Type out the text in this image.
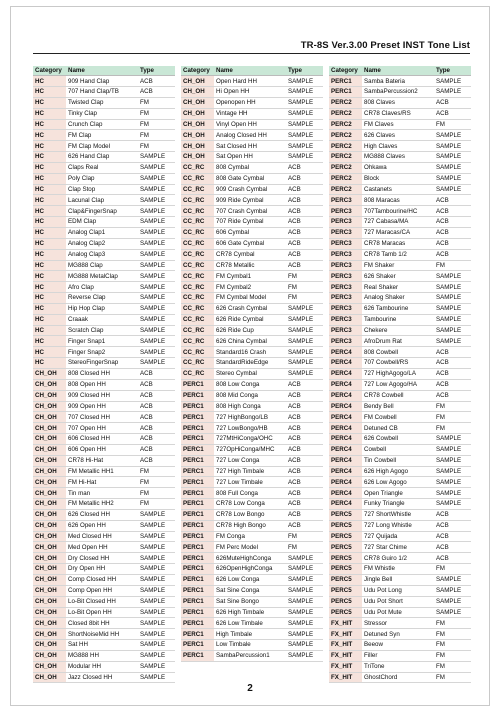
TR-8S Ver.3.00 Preset INST Tone List
Category	Name	Type
HC	909 Hand Clap	ACB
HC	707 Hand Clap/TB	ACB
HC	Twisted Clap	FM
HC	Tinky Clap	FM
HC	Crunch Clap	FM
HC	FM Clap	FM
HC	FM Clap Model	FM
HC	626 Hand Clap	SAMPLE
HC	Claps Real	SAMPLE
HC	Poly Clap	SAMPLE
HC	Clap Stop	SAMPLE
HC	Lacunal Clap	SAMPLE
HC	Clap&FingerSnap	SAMPLE
HC	EDM Clap	SAMPLE
HC	Analog Clap1	SAMPLE
HC	Analog Clap2	SAMPLE
HC	Analog Clap3	SAMPLE
HC	MG888 Clap	SAMPLE
HC	MG888 MetalClap	SAMPLE
HC	Afro Clap	SAMPLE
HC	Reverse Clap	SAMPLE
HC	Hip Hop Clap	SAMPLE
HC	Craaak	SAMPLE
HC	Scratch Clap	SAMPLE
HC	Finger Snap1	SAMPLE
HC	Finger Snap2	SAMPLE
HC	StereoFingerSnap	SAMPLE
CH_OH	808 Closed HH	ACB
CH_OH	808 Open HH	ACB
CH_OH	909 Closed HH	ACB
CH_OH	909 Open HH	ACB
CH_OH	707 Closed HH	ACB
CH_OH	707 Open HH	ACB
CH_OH	606 Closed HH	ACB
CH_OH	606 Open HH	ACB
CH_OH	CR78 Hi-Hat	ACB
CH_OH	FM Metallic HH1	FM
CH_OH	FM Hi-Hat	FM
CH_OH	Tin man	FM
CH_OH	FM Metallic HH2	FM
CH_OH	626 Closed HH	SAMPLE
CH_OH	626 Open HH	SAMPLE
CH_OH	Med Closed HH	SAMPLE
CH_OH	Med Open HH	SAMPLE
CH_OH	Dry Closed HH	SAMPLE
CH_OH	Dry Open HH	SAMPLE
CH_OH	Comp Closed HH	SAMPLE
CH_OH	Comp Open HH	SAMPLE
CH_OH	Lo-Bit Closed HH	SAMPLE
CH_OH	Lo-Bit Open HH	SAMPLE
CH_OH	Closed 8bit HH	SAMPLE
CH_OH	ShortNoiseMid HH	SAMPLE
CH_OH	Sat HH	SAMPLE
CH_OH	MG888 HH	SAMPLE
CH_OH	Modular HH	SAMPLE
CH_OH	Jazz Closed HH	SAMPLE
Category	Name	Type
CH_OH	Open Hard HH	SAMPLE
CH_OH	Hi Open HH	SAMPLE
CH_OH	Openopen HH	SAMPLE
CH_OH	Vintage HH	SAMPLE
CH_OH	Vinyl Open HH	SAMPLE
CH_OH	Analog Closed HH	SAMPLE
CH_OH	Sat Closed HH	SAMPLE
CH_OH	Sat Open HH	SAMPLE
CC_RC	808 Cymbal	ACB
CC_RC	808 Gate Cymbal	ACB
CC_RC	909 Crash Cymbal	ACB
CC_RC	909 Ride Cymbal	ACB
CC_RC	707 Crash Cymbal	ACB
CC_RC	707 Ride Cymbal	ACB
CC_RC	606 Cymbal	ACB
CC_RC	606 Gate Cymbal	ACB
CC_RC	CR78 Cymbal	ACB
CC_RC	CR78 Metallic	ACB
CC_RC	FM Cymbal1	FM
CC_RC	FM Cymbal2	FM
CC_RC	FM Cymbal Model	FM
CC_RC	626 Crash Cymbal	SAMPLE
CC_RC	626 Ride Cymbal	SAMPLE
CC_RC	626 Ride Cup	SAMPLE
CC_RC	626 China Cymbal	SAMPLE
CC_RC	Standard16 Crash	SAMPLE
CC_RC	StandardRideEdge	SAMPLE
CC_RC	Stereo Cymbal	SAMPLE
PERC1	808 Low Conga	ACB
PERC1	808 Mid Conga	ACB
PERC1	808 High Conga	ACB
PERC1	727 HighBongo/LB	ACB
PERC1	727 LowBongo/HB	ACB
PERC1	727MtHiConga/OHC	ACB
PERC1	727OpHiConga/MHC	ACB
PERC1	727 Low Conga	ACB
PERC1	727 High Timbale	ACB
PERC1	727 Low Timbale	ACB
PERC1	808 Full Conga	ACB
PERC1	CR78 Low Conga	ACB
PERC1	CR78 Low Bongo	ACB
PERC1	CR78 High Bongo	ACB
PERC1	FM Conga	FM
PERC1	FM Perc Model	FM
PERC1	626MuteHighConga	SAMPLE
PERC1	626OpenHighConga	SAMPLE
PERC1	626 Low Conga	SAMPLE
PERC1	Sat Sine Conga	SAMPLE
PERC1	Sat Sine Bongo	SAMPLE
PERC1	626 High Timbale	SAMPLE
PERC1	626 Low Timbale	SAMPLE
PERC1	High Timbale	SAMPLE
PERC1	Low Timbale	SAMPLE
PERC1	SambaPercussion1	SAMPLE
Category	Name	Type
PERC1	Samba Bateria	SAMPLE
PERC1	SambaPercussion2	SAMPLE
PERC2	808 Claves	ACB
PERC2	CR78 Claves/RS	ACB
PERC2	FM Claves	FM
PERC2	626 Claves	SAMPLE
PERC2	High Claves	SAMPLE
PERC2	MG888 Claves	SAMPLE
PERC2	Ohkawa	SAMPLE
PERC2	Block	SAMPLE
PERC2	Castanets	SAMPLE
PERC3	808 Maracas	ACB
PERC3	707Tambourine/HC	ACB
PERC3	727 Cabasa/MA	ACB
PERC3	727 Maracas/CA	ACB
PERC3	CR78 Maracas	ACB
PERC3	CR78 Tamb 1/2	ACB
PERC3	FM Shaker	FM
PERC3	626 Shaker	SAMPLE
PERC3	Real Shaker	SAMPLE
PERC3	Analog Shaker	SAMPLE
PERC3	626 Tambourine	SAMPLE
PERC3	Tambourine	SAMPLE
PERC3	Chekere	SAMPLE
PERC3	AfroDrum Rat	SAMPLE
PERC4	808 Cowbell	ACB
PERC4	707 Cowbell/RS	ACB
PERC4	727 HighAgogo/LA	ACB
PERC4	727 Low Agogo/HA	ACB
PERC4	CR78 Cowbell	ACB
PERC4	Bendy Bell	FM
PERC4	FM Cowbell	FM
PERC4	Detuned CB	FM
PERC4	626 Cowbell	SAMPLE
PERC4	Cowbell	SAMPLE
PERC4	Tin Cowbell	SAMPLE
PERC4	626 High Agogo	SAMPLE
PERC4	626 Low Agogo	SAMPLE
PERC4	Open Triangle	SAMPLE
PERC4	Funky Triangle	SAMPLE
PERC5	727 ShortWhistle	ACB
PERC5	727 Long Whistle	ACB
PERC5	727 Quijada	ACB
PERC5	727 Star Chime	ACB
PERC5	CR78 Guiro 1/2	ACB
PERC5	FM Whistle	FM
PERC5	Jingle Bell	SAMPLE
PERC5	Udu Pot Long	SAMPLE
PERC5	Udu Pot Short	SAMPLE
PERC5	Udu Pot Mute	SAMPLE
FX_HIT	Stressor	FM
FX_HIT	Detuned Syn	FM
FX_HIT	Beeow	FM
FX_HIT	Filler	FM
FX_HIT	TriTone	FM
FX_HIT	GhostChord	FM
2
